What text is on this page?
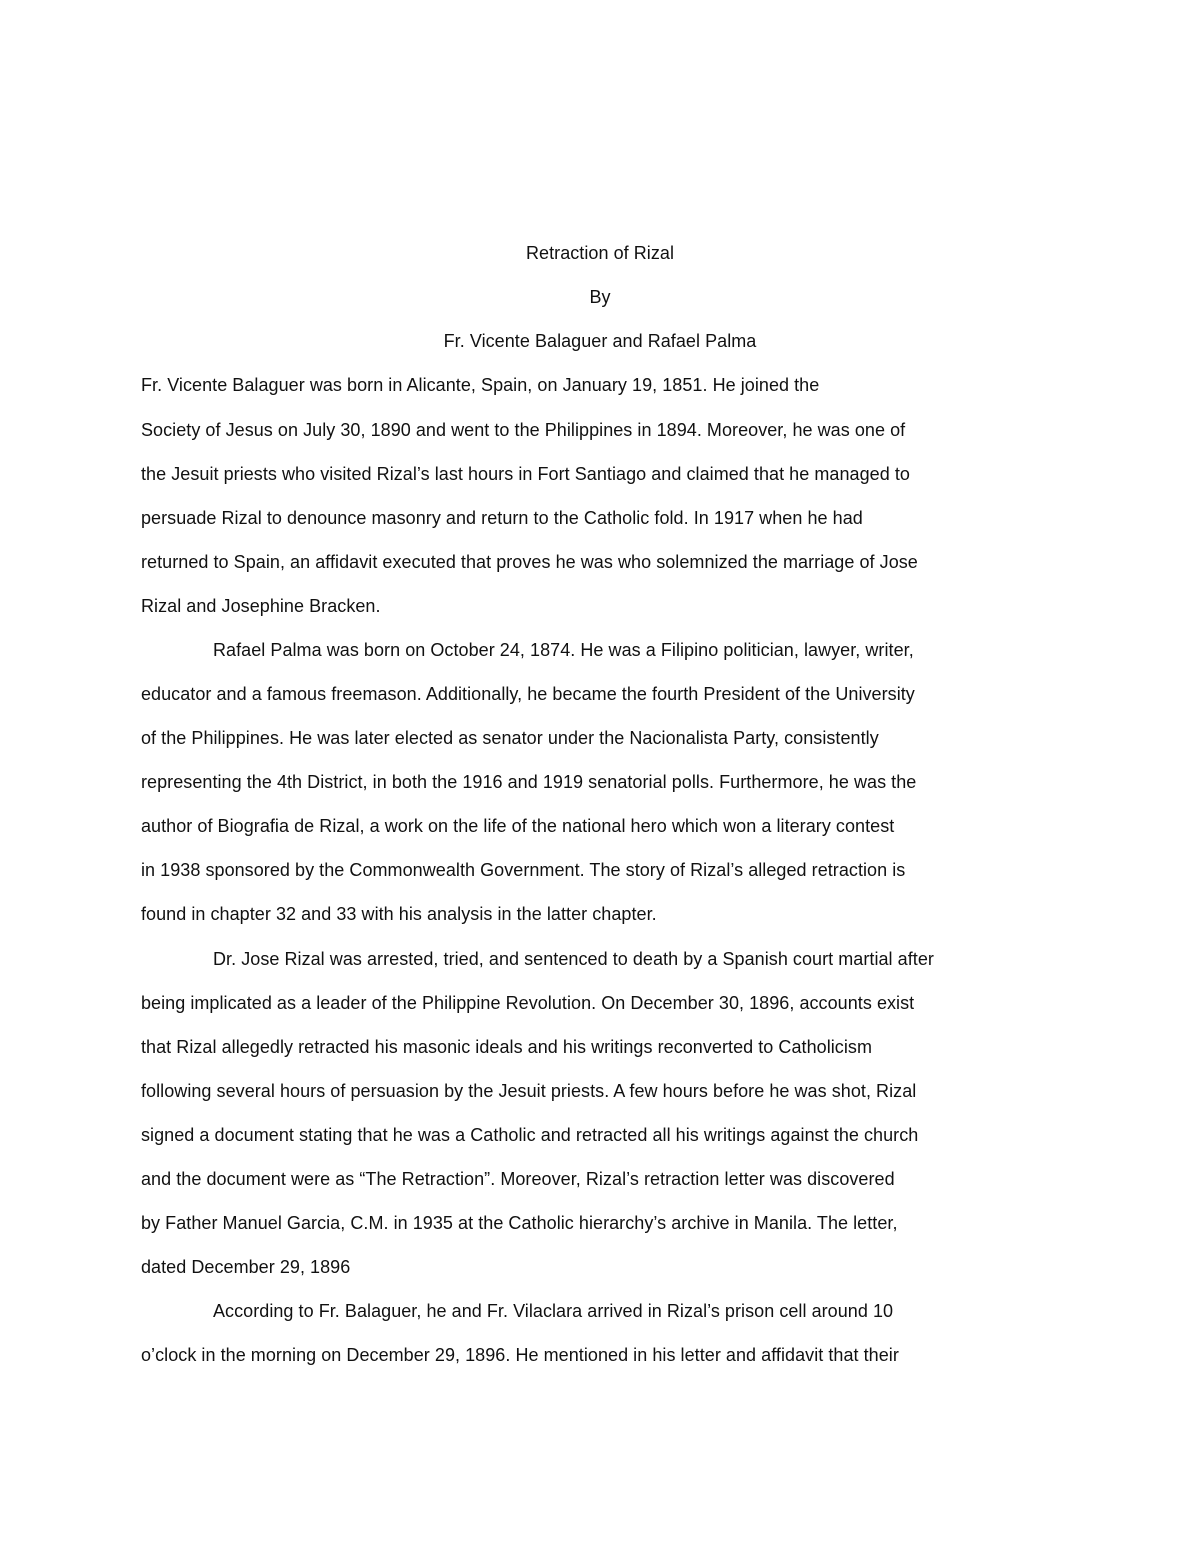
Retraction of Rizal
By
Fr. Vicente Balaguer and Rafael Palma
Fr. Vicente Balaguer was born in Alicante, Spain, on January 19, 1851. He joined the
Society of Jesus on July 30, 1890 and went to the Philippines in 1894. Moreover, he was one of
the Jesuit priests who visited Rizal’s last hours in Fort Santiago and claimed that he managed to
persuade Rizal to denounce masonry and return to the Catholic fold. In 1917 when he had
returned to Spain, an affidavit executed that proves he was who solemnized the marriage of Jose
Rizal and Josephine Bracken.
Rafael Palma was born on October 24, 1874. He was a Filipino politician, lawyer, writer,
educator and a famous freemason. Additionally, he became the fourth President of the University
of the Philippines. He was later elected as senator under the Nacionalista Party, consistently
representing the 4th District, in both the 1916 and 1919 senatorial polls. Furthermore, he was the
author of Biografia de Rizal, a work on the life of the national hero which won a literary contest
in 1938 sponsored by the Commonwealth Government. The story of Rizal’s alleged retraction is
found in chapter 32 and 33 with his analysis in the latter chapter.
Dr. Jose Rizal was arrested, tried, and sentenced to death by a Spanish court martial after
being implicated as a leader of the Philippine Revolution. On December 30, 1896, accounts exist
that Rizal allegedly retracted his masonic ideals and his writings reconverted to Catholicism
following several hours of persuasion by the Jesuit priests. A few hours before he was shot, Rizal
signed a document stating that he was a Catholic and retracted all his writings against the church
and the document were as “The Retraction”. Moreover, Rizal’s retraction letter was discovered
by Father Manuel Garcia, C.M. in 1935 at the Catholic hierarchy’s archive in Manila. The letter,
dated December 29, 1896
According to Fr. Balaguer, he and Fr. Vilaclara arrived in Rizal’s prison cell around 10
o’clock in the morning on December 29, 1896. He mentioned in his letter and affidavit that their
